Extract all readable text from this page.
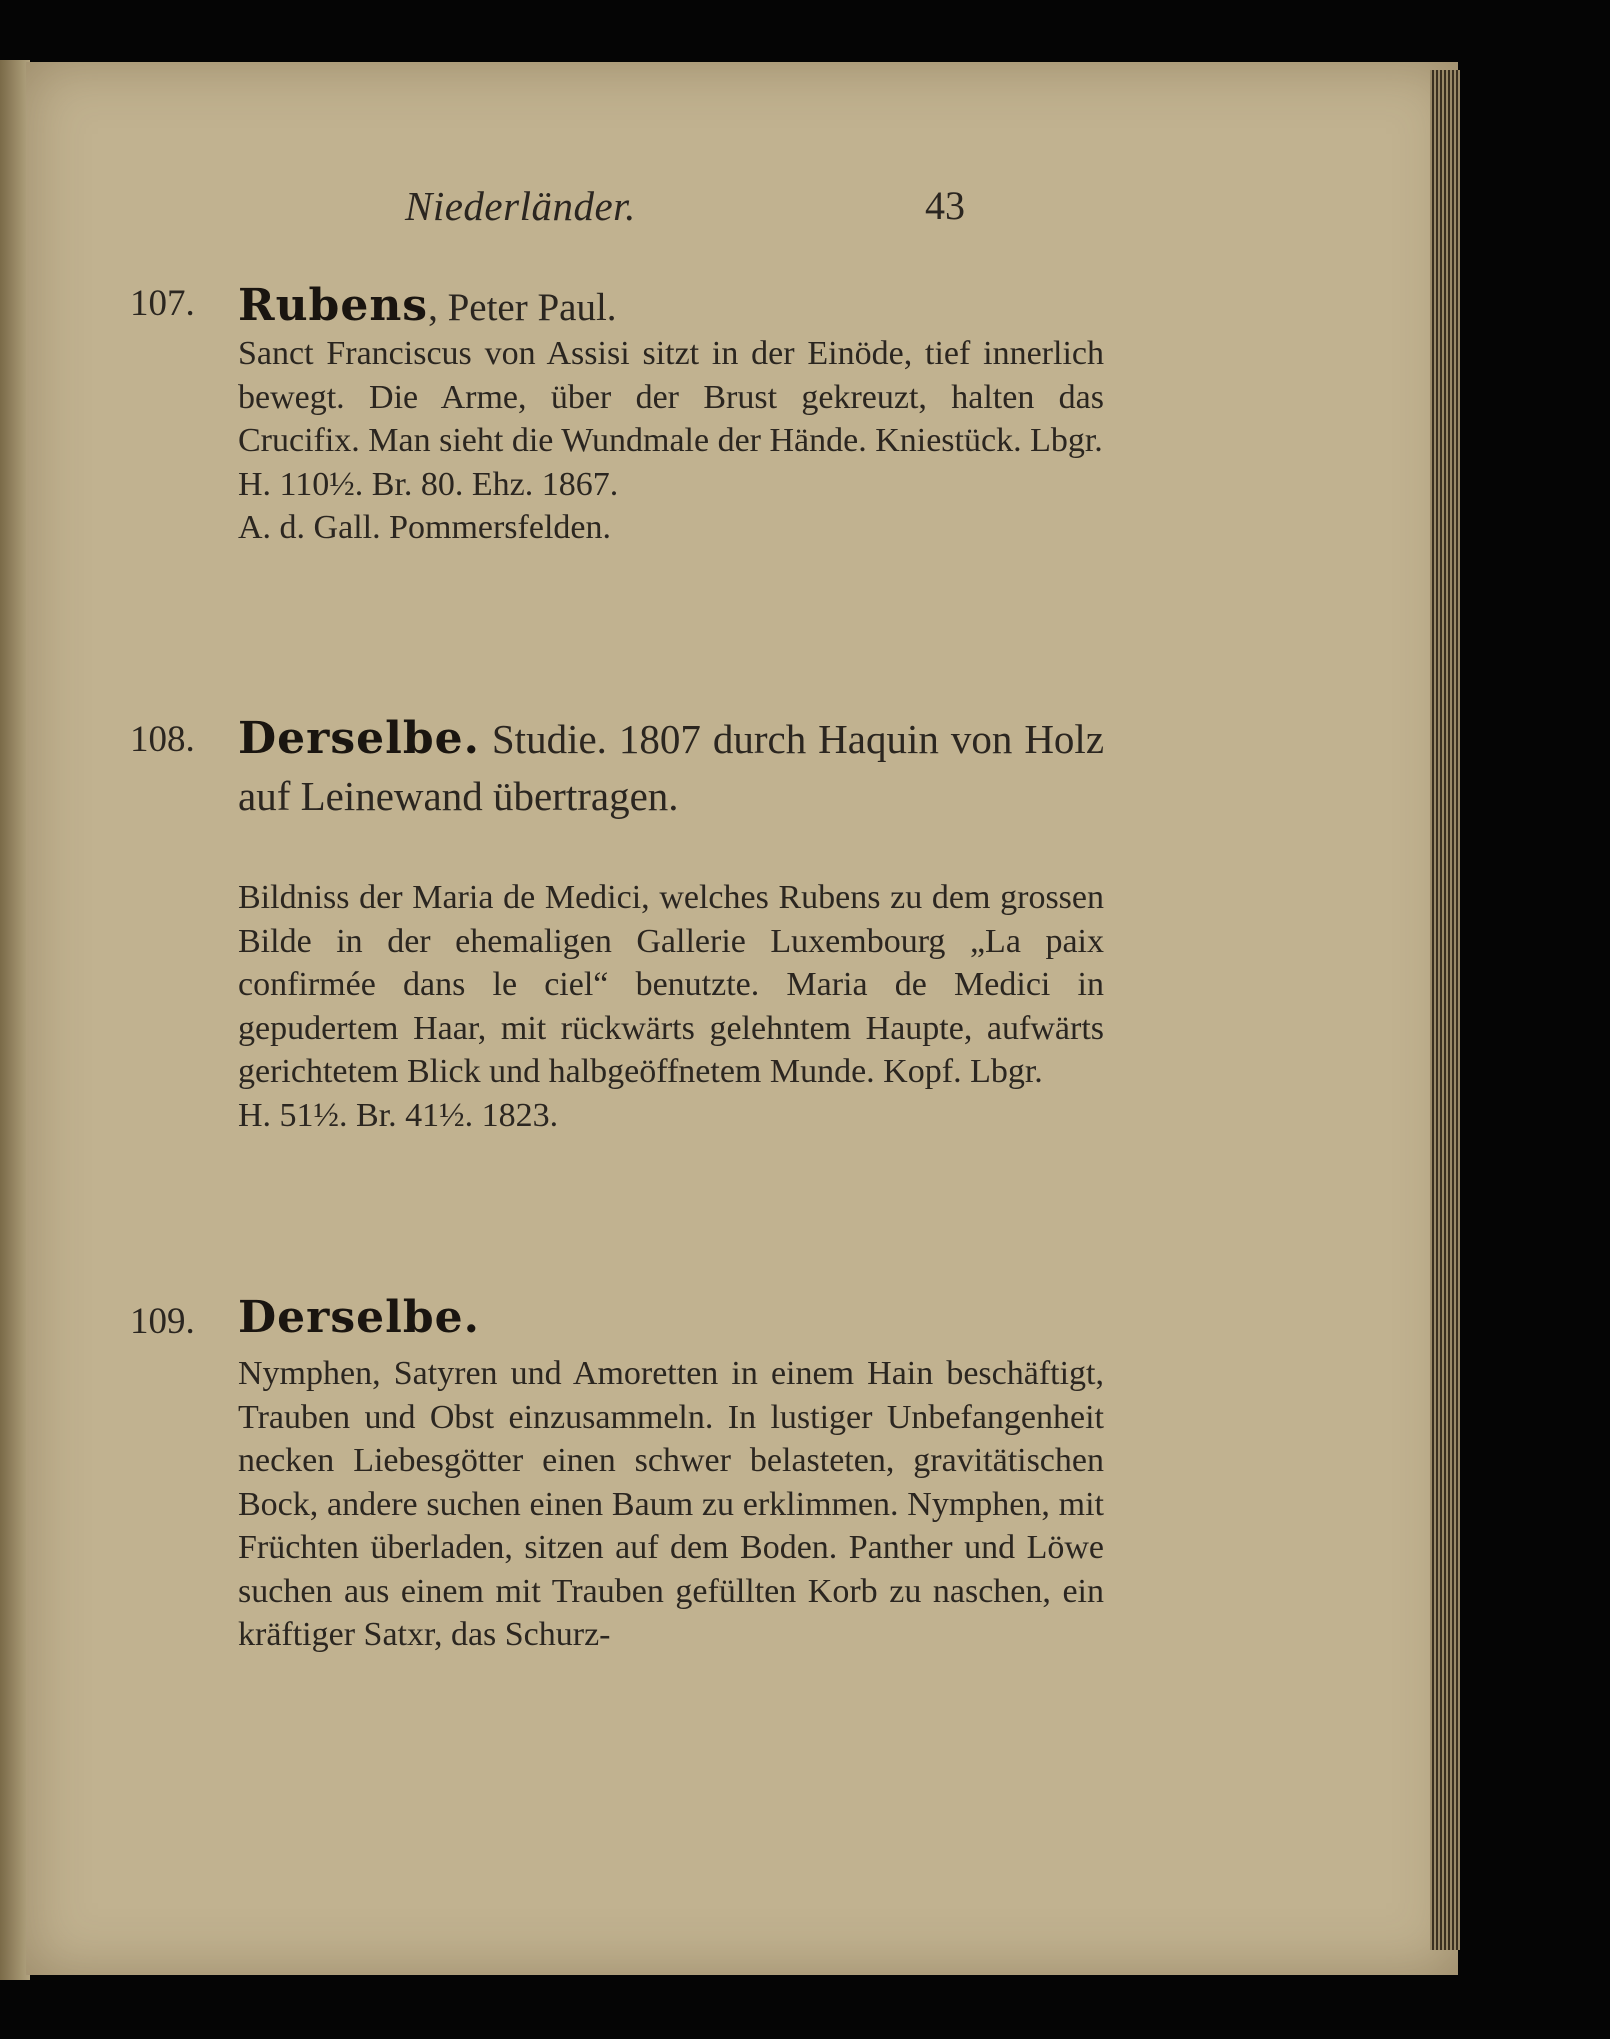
Niederländer.	43
107. Rubens, Peter Paul.

Sanct Franciscus von Assisi sitzt in der Einöde, tief innerlich bewegt. Die Arme, über der Brust gekreuzt, halten das Crucifix. Man sieht die Wundmale der Hände. Kniestück. Lbgr.

H. 110½. Br. 80. Ehz. 1867.

A. d. Gall. Pommersfelden.

108. Derselbe. Studie. 1807 durch Haquin von Holz auf Leinewand übertragen.

Bildniss der Maria de Medici, welches Rubens zu dem grossen Bilde in der ehemaligen Gallerie Luxembourg „La paix confirmée dans le ciel“ benutzte. Maria de Medici in gepudertem Haar, mit rückwärts gelehntem Haupte, aufwärts gerichtetem Blick und halbgeöffnetem Munde. Kopf. Lbgr.

H. 51½. Br. 41½. 1823.

109. Derselbe.

Nymphen, Satyren und Amoretten in einem Hain beschäftigt, Trauben und Obst einzusammeln. In lustiger Unbefangenheit necken Liebesgötter einen schwer belasteten, gravitätischen Bock, andere suchen einen Baum zu erklimmen. Nymphen, mit Früchten überladen, sitzen auf dem Boden. Panther und Löwe suchen aus einem mit Trauben gefüllten Korb zu naschen, ein kräftiger Satxr, das Schurz-
